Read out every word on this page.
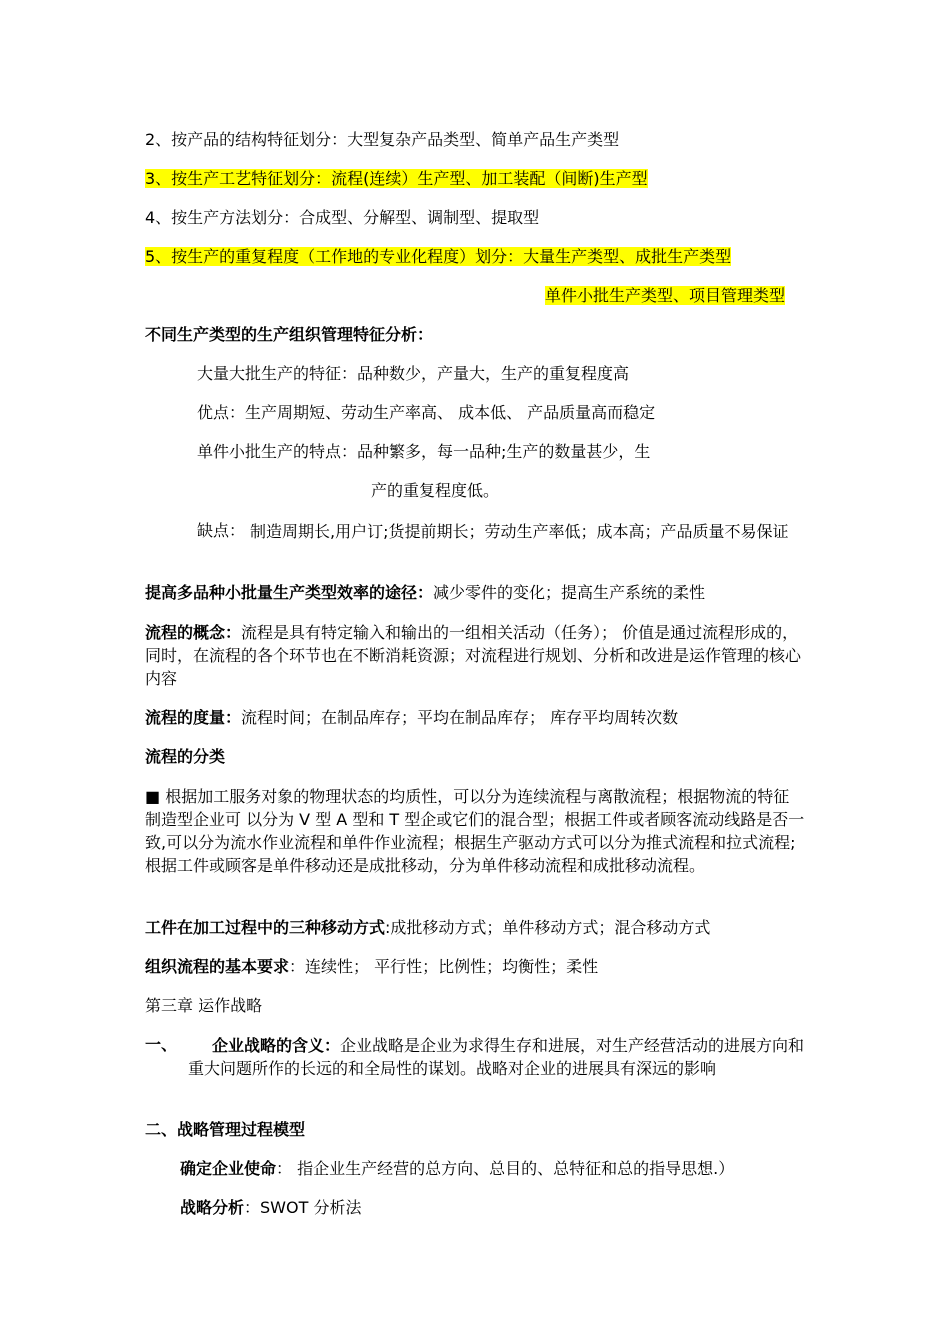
2、按产品的结构特征划分：大型复杂产品类型、简单产品生产类型
3、按生产工艺特征划分：流程(连续）生产型、加工装配（间断)生产型
4、按生产方法划分：合成型、分解型、调制型、提取型
5、按生产的重复程度（工作地的专业化程度）划分：大量生产类型、成批生产类型
单件小批生产类型、项目管理类型
不同生产类型的生产组织管理特征分析：
大量大批生产的特征：品种数少，产量大，生产的重复程度高
优点：生产周期短、劳动生产率高、 成本低、 产品质量高而稳定
单件小批生产的特点：品种繁多，每一品种;生产的数量甚少，生
产的重复程度低。
缺点： 制造周期长,用户订;货提前期长；劳动生产率低；成本高；产品质量不易保证
提高多品种小批量生产类型效率的途径：减少零件的变化；提高生产系统的柔性
流程的概念：流程是具有特定输入和输出的一组相关活动（任务）； 价值是通过流程形成的，同时，在流程的各个环节也在不断消耗资源；对流程进行规划、分析和改进是运作管理的核心内容
流程的度量：流程时间；在制品库存；平均在制品库存； 库存平均周转次数
流程的分类
■ 根据加工服务对象的物理状态的均质性，可以分为连续流程与离散流程；根据物流的特征 制造型企业可 以分为 V 型 A 型和 T 型企或它们的混合型；根据工件或者顾客流动线路是否一致,可以分为流水作业流程和单件作业流程；根据生产驱动方式可以分为推式流程和拉式流程;根据工件或顾客是单件移动还是成批移动，分为单件移动流程和成批移动流程。
工件在加工过程中的三种移动方式:成批移动方式；单件移动方式；混合移动方式
组织流程的基本要求：连续性； 平行性；比例性；均衡性；柔性
第三章 运作战略
一、	企业战略的含义：企业战略是企业为求得生存和进展，对生产经营活动的进展方向和重大问题所作的长远的和全局性的谋划。战略对企业的进展具有深远的影响
二、战略管理过程模型
确定企业使命： 指企业生产经营的总方向、总目的、总特征和总的指导思想.）
战略分析：SWOT 分析法
